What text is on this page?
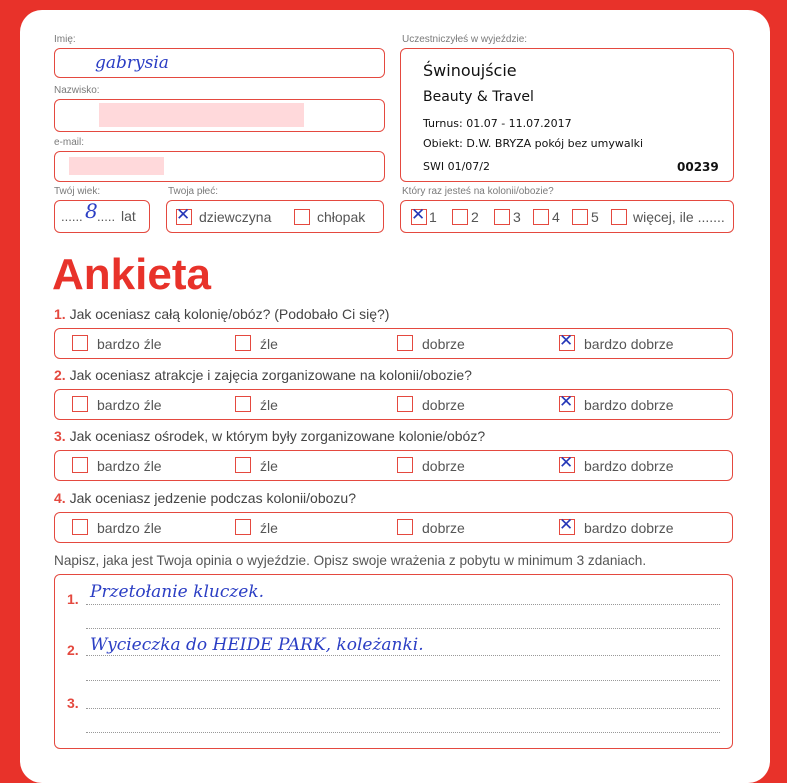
Imię:
gabrysia
Nazwisko:
e-mail:
Twój wiek:
...... 8 ..... lat
Twoja płeć:
✕
dziewczyna	chłopak
Uczestniczyłeś w wyjeździe:
Świnoujście
Beauty & Travel
Turnus: 01.07 - 11.07.2017
Obiekt: D.W. BRYZA pokój bez umywalki
SWI 01/07/2	00239
Który raz jesteś na kolonii/obozie?
✕
1 2 3 4 5 więcej, ile .......
Ankieta
1. Jak oceniasz całą kolonię/obóz? (Podobało Ci się?)
bardzo źle	źle	dobrze ✕	bardzo dobrze
2. Jak oceniasz atrakcje i zajęcia zorganizowane na kolonii/obozie?
bardzo źle	źle	dobrze ✕	bardzo dobrze
3. Jak oceniasz ośrodek, w którym były zorganizowane kolonie/obóz?
bardzo źle	źle	dobrze ✕	bardzo dobrze
4. Jak oceniasz jedzenie podczas kolonii/obozu?
bardzo źle	źle	dobrze ✕	bardzo dobrze
Napisz, jaka jest Twoja opinia o wyjeździe. Opisz swoje wrażenia z pobytu w minimum 3 zdaniach.
1. Przetołanie kluczek.
2. Wycieczka do HEIDE PARK, koleżanki.
3.
